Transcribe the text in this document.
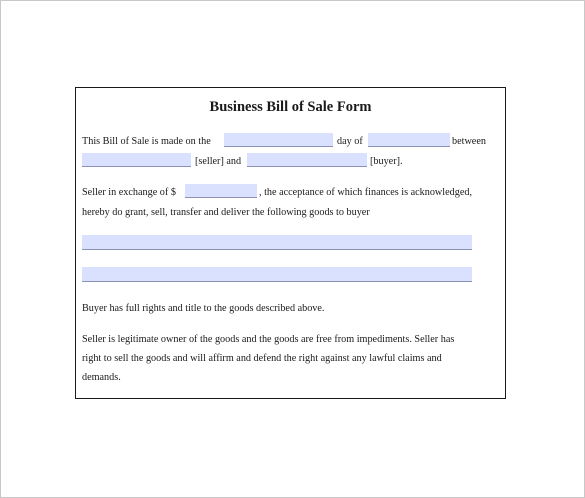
Business Bill of Sale Form
This Bill of Sale is made on the	day of	between
[seller] and	[buyer].
Seller in exchange of $	, the acceptance of which finances is acknowledged,
hereby do grant, sell, transfer and deliver the following goods to buyer
Buyer has full rights and title to the goods described above.
Seller is legitimate owner of the goods and the goods are free from impediments. Seller has
right to sell the goods and will affirm and defend the right against any lawful claims and
demands.
